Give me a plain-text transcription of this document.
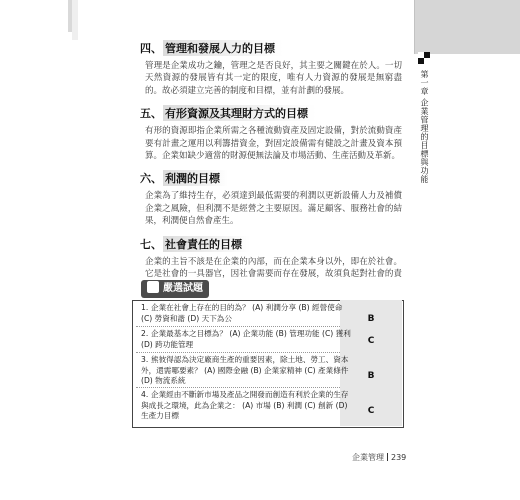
第一章 企業管理的目標與功能
四、 管理和發展人力的目標
管理是企業成功之鑰，管理之是否良好，其主要之關鍵在於人。一切天然資源的發展皆有其一定的限度，唯有人力資源的發展是無窮盡的。故必須建立完善的制度和目標，並有計劃的發展。
五、 有形資源及其理財方式的目標
有形的資源即指企業所需之各種流動資產及固定設備，對於流動資產要有計畫之運用以利籌措資金，對固定設備需有健設之計畫及資本預算。企業如缺少適當的財源便無法論及市場活動、生產活動及革新。
六、 利潤的目標
企業為了維持生存，必須達到最低需要的利潤以更新設備人力及補償企業之風險，但利潤不是經營之主要原因。滿足顧客、服務社會的結果，利潤便自然會產生。
七、 社會責任的目標
企業的主旨不該是在企業的內部，而在企業本身以外，即在於社會。它是社會的一具器官，因社會需要而存在發展，故須負起對社會的責
嚴選試題
1. 企業在社會上存在的目的為？ (A) 利潤分享 (B) 經營使命 (C) 勞資和諧 (D) 天下為公	B
2. 企業最基本之目標為？ (A) 企業功能 (B) 管理功能 (C) 獲利 (D) 跨功能管理	C
3. 熊彼得認為決定廠商生產的重要因素，除土地、勞工、資本外，還需哪要素？ (A) 國際金融 (B) 企業家精神 (C) 產業條件 (D) 物流系統	B
4. 企業經由不斷新市場及產品之開發而創造有利於企業的生存與成長之環境，此為企業之： (A) 市場 (B) 利潤 (C) 創新 (D) 生產力目標	C
企業管理 239
